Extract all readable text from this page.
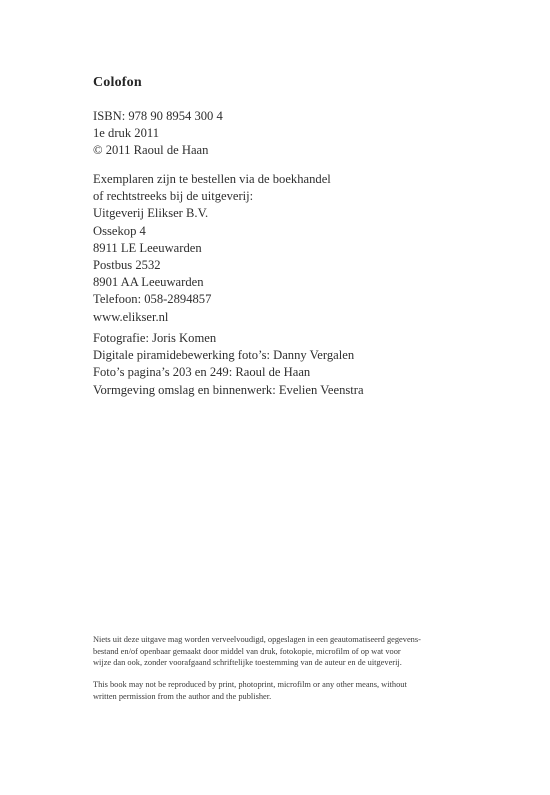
Colofon
ISBN: 978 90 8954 300 4
1e druk 2011
© 2011 Raoul de Haan
Exemplaren zijn te bestellen via de boekhandel
of rechtstreeks bij de uitgeverij:
Uitgeverij Elikser B.V.
Ossekop 4
8911 LE Leeuwarden
Postbus 2532
8901 AA Leeuwarden
Telefoon: 058-2894857
www.elikser.nl
Fotografie: Joris Komen
Digitale piramidebewerking foto’s: Danny Vergalen
Foto’s pagina’s 203 en 249: Raoul de Haan
Vormgeving omslag en binnenwerk: Evelien Veenstra
Niets uit deze uitgave mag worden verveelvoudigd, opgeslagen in een geautomatiseerd gegevens-
bestand en/of openbaar gemaakt door middel van druk, fotokopie, microfilm of op wat voor
wijze dan ook, zonder voorafgaand schriftelijke toestemming van de auteur en de uitgeverij.
This book may not be reproduced by print, photoprint, microfilm or any other means, without
written permission from the author and the publisher.
